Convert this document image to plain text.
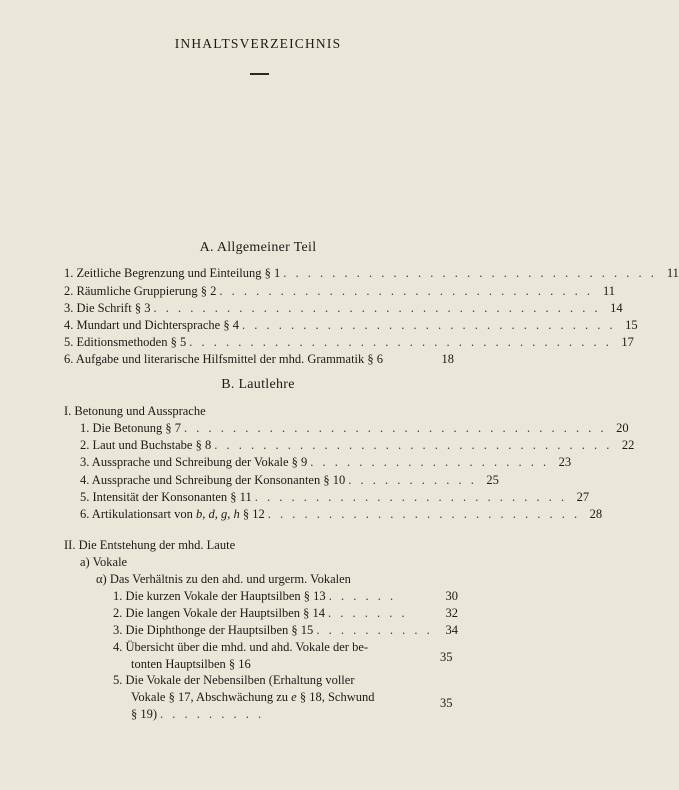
INHALTSVERZEICHNIS
A. Allgemeiner Teil
1. Zeitliche Begrenzung und Einteilung § 1 . . . . . . . . . . . . . . . . . . . . . . . . . . . . . . . 11
2. Räumliche Gruppierung § 2 . . . . . . . . . . . . . . . . . . . . . . . . . . . . . . . 11
3. Die Schrift § 3 . . . . . . . . . . . . . . . . . . . . . . . . . . . . . . . . . . . . . 14
4. Mundart und Dichtersprache § 4 . . . . . . . . . . . . . . . . . . . . . . . . . . . . . . . 15
5. Editionsmethoden § 5 . . . . . . . . . . . . . . . . . . . . . . . . . . . . . . . . . . . 17
6. Aufgabe und literarische Hilfsmittel der mhd. Grammatik § 6	18
B. Lautlehre
I. Betonung und Aussprache
1. Die Betonung § 7 . . . . . . . . . . . . . . . . . . . . . . . . . . . . . . . . . . . 20
2. Laut und Buchstabe § 8 . . . . . . . . . . . . . . . . . . . . . . . . . . . . . . . . . 22
3. Aussprache und Schreibung der Vokale § 9 . . . . . . . . . . . . . . . . . . . . 23
4. Aussprache und Schreibung der Konsonanten § 10 . . . . . . . . . . . 25
5. Intensität der Konsonanten § 11 . . . . . . . . . . . . . . . . . . . . . . . . . . 27
6. Artikulationsart von b, d, g, h § 12 . . . . . . . . . . . . . . . . . . . . . . . . . . 28
II. Die Entstehung der mhd. Laute
a) Vokale
α) Das Verhältnis zu den ahd. und urgerm. Vokalen
1. Die kurzen Vokale der Hauptsilben § 13 . . . . . .	30
2. Die langen Vokale der Hauptsilben § 14 . . . . . . .	32
3. Die Diphthonge der Hauptsilben § 15 . . . . . . . . . .	34
4. Übersicht über die mhd. und ahd. Vokale der be-
tonten Hauptsilben § 16	35
5. Die Vokale der Nebensilben (Erhaltung voller
Vokale § 17, Abschwächung zu e § 18, Schwund
§ 19) . . . . . . . . .
35
